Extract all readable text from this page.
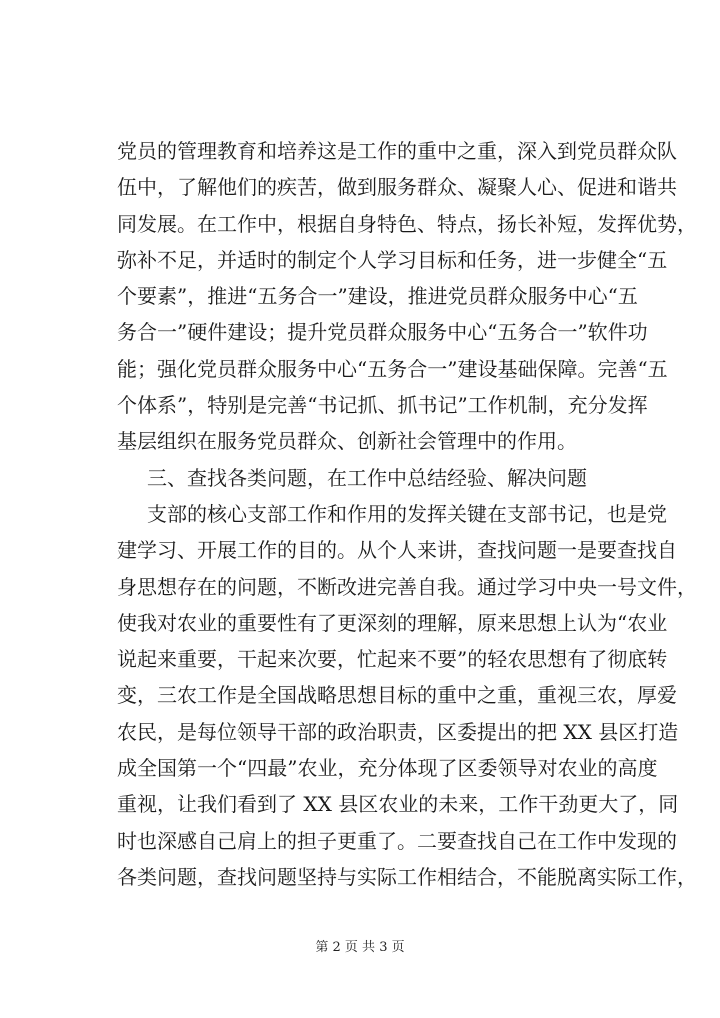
党员的管理教育和培养这是工作的重中之重，深入到党员群众队
伍中，了解他们的疾苦，做到服务群众、凝聚人心、促进和谐共
同发展。在工作中，根据自身特色、特点，扬长补短，发挥优势，
弥补不足，并适时的制定个人学习目标和任务，进一步健全“五
个要素”，推进“五务合一”建设，推进党员群众服务中心“五
务合一”硬件建设；提升党员群众服务中心“五务合一”软件功
能；强化党员群众服务中心“五务合一”建设基础保障。完善“五
个体系”，特别是完善“书记抓、抓书记”工作机制，充分发挥
基层组织在服务党员群众、创新社会管理中的作用。
三、查找各类问题，在工作中总结经验、解决问题
支部的核心支部工作和作用的发挥关键在支部书记，也是党
建学习、开展工作的目的。从个人来讲，查找问题一是要查找自
身思想存在的问题，不断改进完善自我。通过学习中央一号文件，
使我对农业的重要性有了更深刻的理解，原来思想上认为“农业
说起来重要，干起来次要，忙起来不要”的轻农思想有了彻底转
变，三农工作是全国战略思想目标的重中之重，重视三农，厚爱
农民，是每位领导干部的政治职责，区委提出的把 XX 县区打造
成全国第一个“四最”农业，充分体现了区委领导对农业的高度
重视，让我们看到了 XX 县区农业的未来，工作干劲更大了，同
时也深感自己肩上的担子更重了。二要查找自己在工作中发现的
各类问题，查找问题坚持与实际工作相结合，不能脱离实际工作，
第 2 页 共 3 页
